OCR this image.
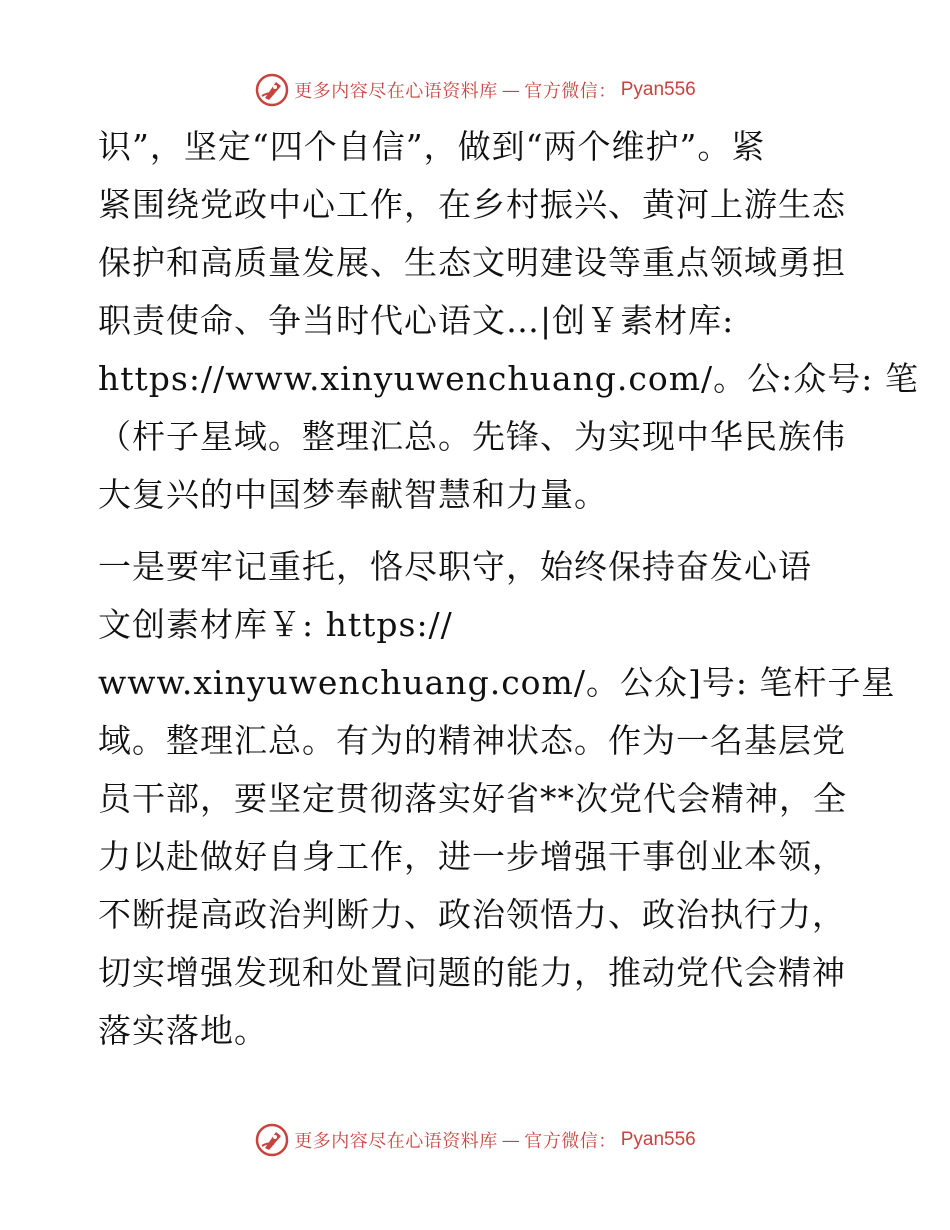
更多内容尽在心语资料库 — 官方微信： Pyan556
识”，坚定“四个自信”，做到“两个维护”。紧
紧围绕党政中心工作，在乡村振兴、黄河上游生态
保护和高质量发展、生态文明建设等重点领域勇担
职责使命、争当时代心语文…|创￥素材库:
https://www.xinyuwenchuang.com/。公:众号: 笔
（杆子星域。整理汇总。先锋、为实现中华民族伟
大复兴的中国梦奉献智慧和力量。
一是要牢记重托，恪尽职守，始终保持奋发心语
文创素材库￥: https://
www.xinyuwenchuang.com/。公众]号: 笔杆子星
域。整理汇总。有为的精神状态。作为一名基层党
员干部，要坚定贯彻落实好省**次党代会精神，全
力以赴做好自身工作，进一步增强干事创业本领，
不断提高政治判断力、政治领悟力、政治执行力，
切实增强发现和处置问题的能力，推动党代会精神
落实落地。
更多内容尽在心语资料库 — 官方微信： Pyan556
